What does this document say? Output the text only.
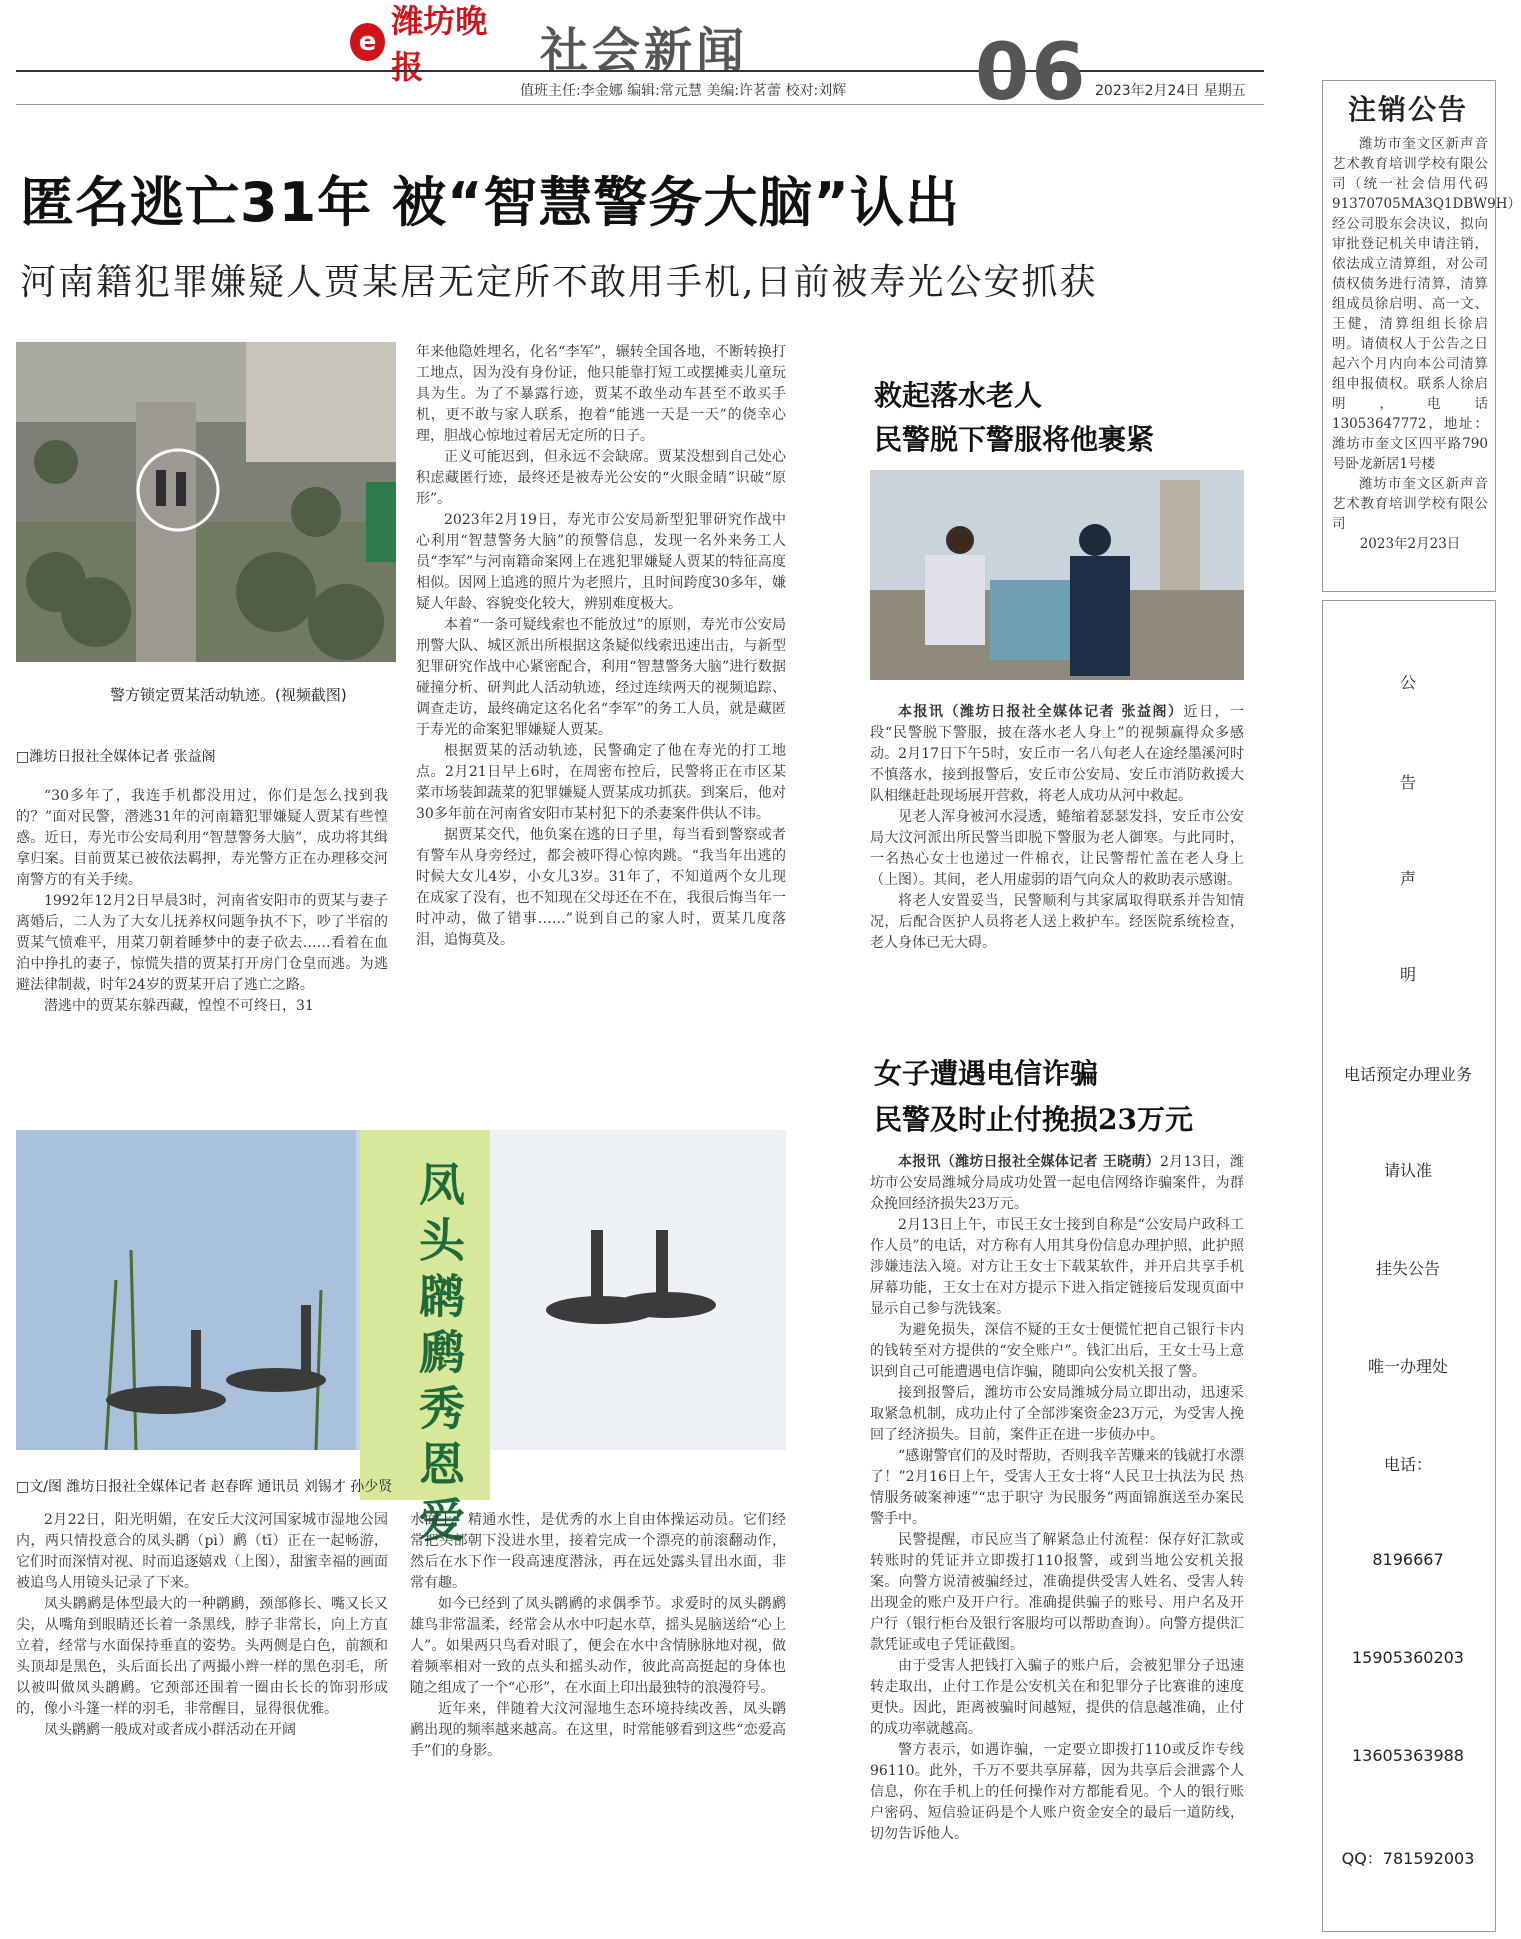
e
潍坊晚报	社会新闻
值班主任:李金娜 编辑:常元慧 美编:许茗蕾 校对:刘辉 06 2023年2月24日 星期五
匿名逃亡31年 被“智慧警务大脑”认出
河南籍犯罪嫌疑人贾某居无定所不敢用手机,日前被寿光公安抓获
警方锁定贾某活动轨迹。(视频截图)
□潍坊日报社全媒体记者 张益阁

“30多年了，我连手机都没用过，你们是怎么找到我的？”面对民警，潜逃31年的河南籍犯罪嫌疑人贾某有些惶惑。近日，寿光市公安局利用“智慧警务大脑”，成功将其缉拿归案。目前贾某已被依法羁押，寿光警方正在办理移交河南警方的有关手续。

1992年12月2日早晨3时，河南省安阳市的贾某与妻子离婚后，二人为了大女儿抚养权问题争执不下，吵了半宿的贾某气愤难平，用菜刀朝着睡梦中的妻子砍去……看着在血泊中挣扎的妻子，惊慌失措的贾某打开房门仓皇而逃。为逃避法律制裁，时年24岁的贾某开启了逃亡之路。

潜逃中的贾某东躲西藏，惶惶不可终日，31

年来他隐姓埋名，化名“李军”，辗转全国各地，不断转换打工地点，因为没有身份证，他只能靠打短工或摆摊卖儿童玩具为生。为了不暴露行迹，贾某不敢坐动车甚至不敢买手机，更不敢与家人联系，抱着“能逃一天是一天”的侥幸心理，胆战心惊地过着居无定所的日子。

正义可能迟到，但永远不会缺席。贾某没想到自己处心积虑藏匿行迹，最终还是被寿光公安的“火眼金睛”识破“原形”。

2023年2月19日，寿光市公安局新型犯罪研究作战中心利用“智慧警务大脑”的预警信息，发现一名外来务工人员“李军”与河南籍命案网上在逃犯罪嫌疑人贾某的特征高度相似。因网上追逃的照片为老照片，且时间跨度30多年，嫌疑人年龄、容貌变化较大，辨别难度极大。

本着“一条可疑线索也不能放过”的原则，寿光市公安局刑警大队、城区派出所根据这条疑似线索迅速出击，与新型犯罪研究作战中心紧密配合，利用“智慧警务大脑”进行数据碰撞分析、研判此人活动轨迹，经过连续两天的视频追踪、调查走访，最终确定这名化名“李军”的务工人员，就是藏匿于寿光的命案犯罪嫌疑人贾某。

根据贾某的活动轨迹，民警确定了他在寿光的打工地点。2月21日早上6时，在周密布控后，民警将正在市区某菜市场装卸蔬菜的犯罪嫌疑人贾某成功抓获。到案后，他对30多年前在河南省安阳市某村犯下的杀妻案件供认不讳。

据贾某交代，他负案在逃的日子里，每当看到警察或者有警车从身旁经过，都会被吓得心惊肉跳。“我当年出逃的时候大女儿4岁，小女儿3岁。31年了，不知道两个女儿现在成家了没有，也不知现在父母还在不在，我很后悔当年一时冲动，做了错事……”说到自己的家人时，贾某几度落泪，追悔莫及。

救起落水老人
民警脱下警服将他裹紧
本报讯（潍坊日报社全媒体记者 张益阁）近日，一段“民警脱下警服，披在落水老人身上”的视频赢得众多感动。2月17日下午5时，安丘市一名八旬老人在途经墨溪河时不慎落水，接到报警后，安丘市公安局、安丘市消防救援大队相继赶赴现场展开营救，将老人成功从河中救起。

见老人浑身被河水浸透，蜷缩着瑟瑟发抖，安丘市公安局大汶河派出所民警当即脱下警服为老人御寒。与此同时，一名热心女士也递过一件棉衣，让民警帮忙盖在老人身上（上图）。其间，老人用虚弱的语气向众人的救助表示感谢。

将老人安置妥当，民警顺利与其家属取得联系并告知情况，后配合医护人员将老人送上救护车。经医院系统检查，老人身体已无大碍。

女子遭遇电信诈骗
民警及时止付挽损23万元
本报讯（潍坊日报社全媒体记者 王晓萌）2月13日，潍坊市公安局潍城分局成功处置一起电信网络诈骗案件，为群众挽回经济损失23万元。

2月13日上午，市民王女士接到自称是“公安局户政科工作人员”的电话，对方称有人用其身份信息办理护照，此护照涉嫌违法入境。对方让王女士下载某软件，并开启共享手机屏幕功能，王女士在对方提示下进入指定链接后发现页面中显示自己参与洗钱案。

为避免损失，深信不疑的王女士便慌忙把自己银行卡内的钱转至对方提供的“安全账户”。钱汇出后，王女士马上意识到自己可能遭遇电信诈骗，随即向公安机关报了警。

接到报警后，潍坊市公安局潍城分局立即出动，迅速采取紧急机制，成功止付了全部涉案资金23万元，为受害人挽回了经济损失。目前，案件正在进一步侦办中。

“感谢警官们的及时帮助，否则我辛苦赚来的钱就打水漂了！”2月16日上午，受害人王女士将“人民卫士执法为民 热情服务破案神速”“忠于职守 为民服务”两面锦旗送至办案民警手中。

民警提醒，市民应当了解紧急止付流程：保存好汇款或转账时的凭证并立即拨打110报警，或到当地公安机关报案。向警方说清被骗经过，准确提供受害人姓名、受害人转出现金的账户及开户行。准确提供骗子的账号、用户名及开户行（银行柜台及银行客服均可以帮助查询）。向警方提供汇款凭证或电子凭证截图。

由于受害人把钱打入骗子的账户后，会被犯罪分子迅速转走取出，止付工作是公安机关在和犯罪分子比赛谁的速度更快。因此，距离被骗时间越短，提供的信息越准确，止付的成功率就越高。

警方表示，如遇诈骗，一定要立即拨打110或反诈专线96110。此外，千万不要共享屏幕，因为共享后会泄露个人信息，你在手机上的任何操作对方都能看见。个人的银行账户密码、短信验证码是个人账户资金安全的最后一道防线，切勿告诉他人。

凤头䴙䴘秀恩爱
□文/图 潍坊日报社全媒体记者 赵春晖 通讯员 刘锡才 孙少贤

2月22日，阳光明媚，在安丘大汶河国家城市湿地公园内，两只情投意合的凤头䴙（pì）䴘（tī）正在一起畅游，它们时而深情对视、时而追逐嬉戏（上图），甜蜜幸福的画面被追鸟人用镜头记录了下来。

凤头䴙䴘是体型最大的一种䴙䴘，颈部修长、嘴又长又尖，从嘴角到眼睛还长着一条黑线，脖子非常长，向上方直立着，经常与水面保持垂直的姿势。头两侧是白色，前额和头顶却是黑色，头后面长出了两撮小辫一样的黑色羽毛，所以被叫做凤头䴙䴘。它颈部还围着一圈由长长的饰羽形成的，像小斗篷一样的羽毛，非常醒目，显得很优雅。

凤头䴙䴘一般成对或者成小群活动在开阔

水面上，精通水性，是优秀的水上自由体操运动员。它们经常把头部朝下没进水里，接着完成一个漂亮的前滚翻动作，然后在水下作一段高速度潜泳，再在远处露头冒出水面，非常有趣。

如今已经到了凤头䴙䴘的求偶季节。求爱时的凤头䴙䴘雄鸟非常温柔，经常会从水中叼起水草，摇头晃脑送给“心上人”。如果两只鸟看对眼了，便会在水中含情脉脉地对视，做着频率相对一致的点头和摇头动作，彼此高高挺起的身体也随之组成了一个“心形”，在水面上印出最独特的浪漫符号。

近年来，伴随着大汶河湿地生态环境持续改善，凤头䴙䴘出现的频率越来越高。在这里，时常能够看到这些“恋爱高手”们的身影。

注销公告
潍坊市奎文区新声音艺术教育培训学校有限公司（统一社会信用代码91370705MA3Q1DBW9H）经公司股东会决议，拟向审批登记机关申请注销，依法成立清算组，对公司债权债务进行清算，清算组成员徐启明、高一文、王健，清算组组长徐启明。请债权人于公告之日起六个月内向本公司清算组申报债权。联系人徐启明，电话13053647772，地址：潍坊市奎文区四平路790号卧龙新居1号楼
潍坊市奎文区新声音艺术教育培训学校有限公司
2023年2月23日
公
告
声
明
电话预定办理业务
请认准
挂失公告
唯一办理处
电话：
8196667
15905360203
13605363988
QQ：781592003
